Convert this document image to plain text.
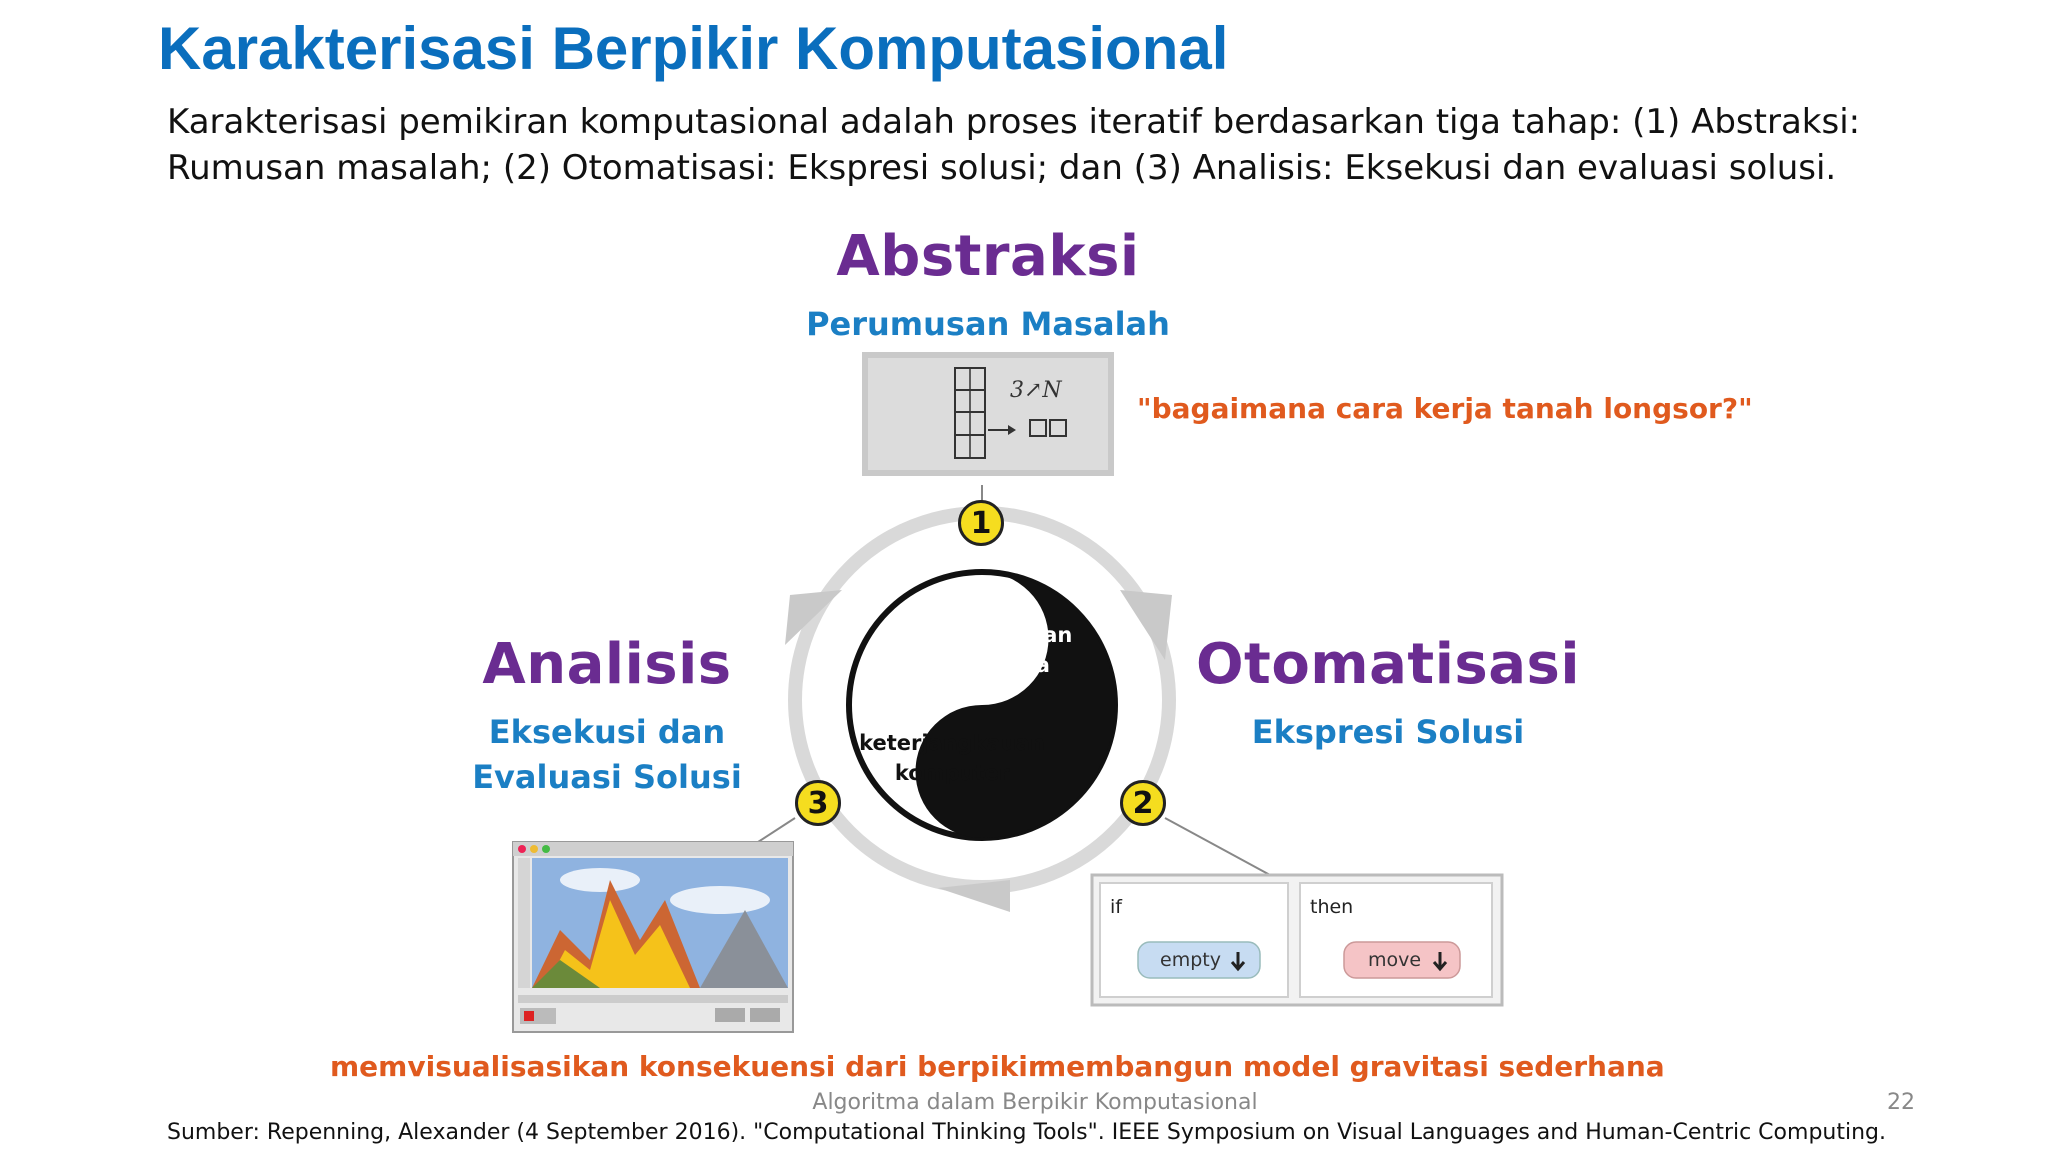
Karakterisasi Berpikir Komputasional
Karakterisasi pemikiran komputasional adalah proses iteratif berdasarkan tiga tahap: (1) Abstraksi:
Rumusan masalah; (2) Otomatisasi: Ekspresi solusi; dan (3) Analisis: Eksekusi dan evaluasi solusi.
3↗N
Abstraksi
Perumusan Masalah
"bagaimana cara kerja tanah longsor?"
Otomatisasi
Ekspresi Solusi
membangun model gravitasi sederhana
Analisis
Eksekusi dan
Evaluasi Solusi
memvisualisasikan konsekuensi dari berpikir
1
2
3
kemampuan
manusia
keterjangkauan
komputer
if	then
empty	move
Algoritma dalam Berpikir Komputasional	22
Sumber: Repenning, Alexander (4 September 2016). "Computational Thinking Tools". IEEE Symposium on Visual Languages and Human-Centric Computing.
